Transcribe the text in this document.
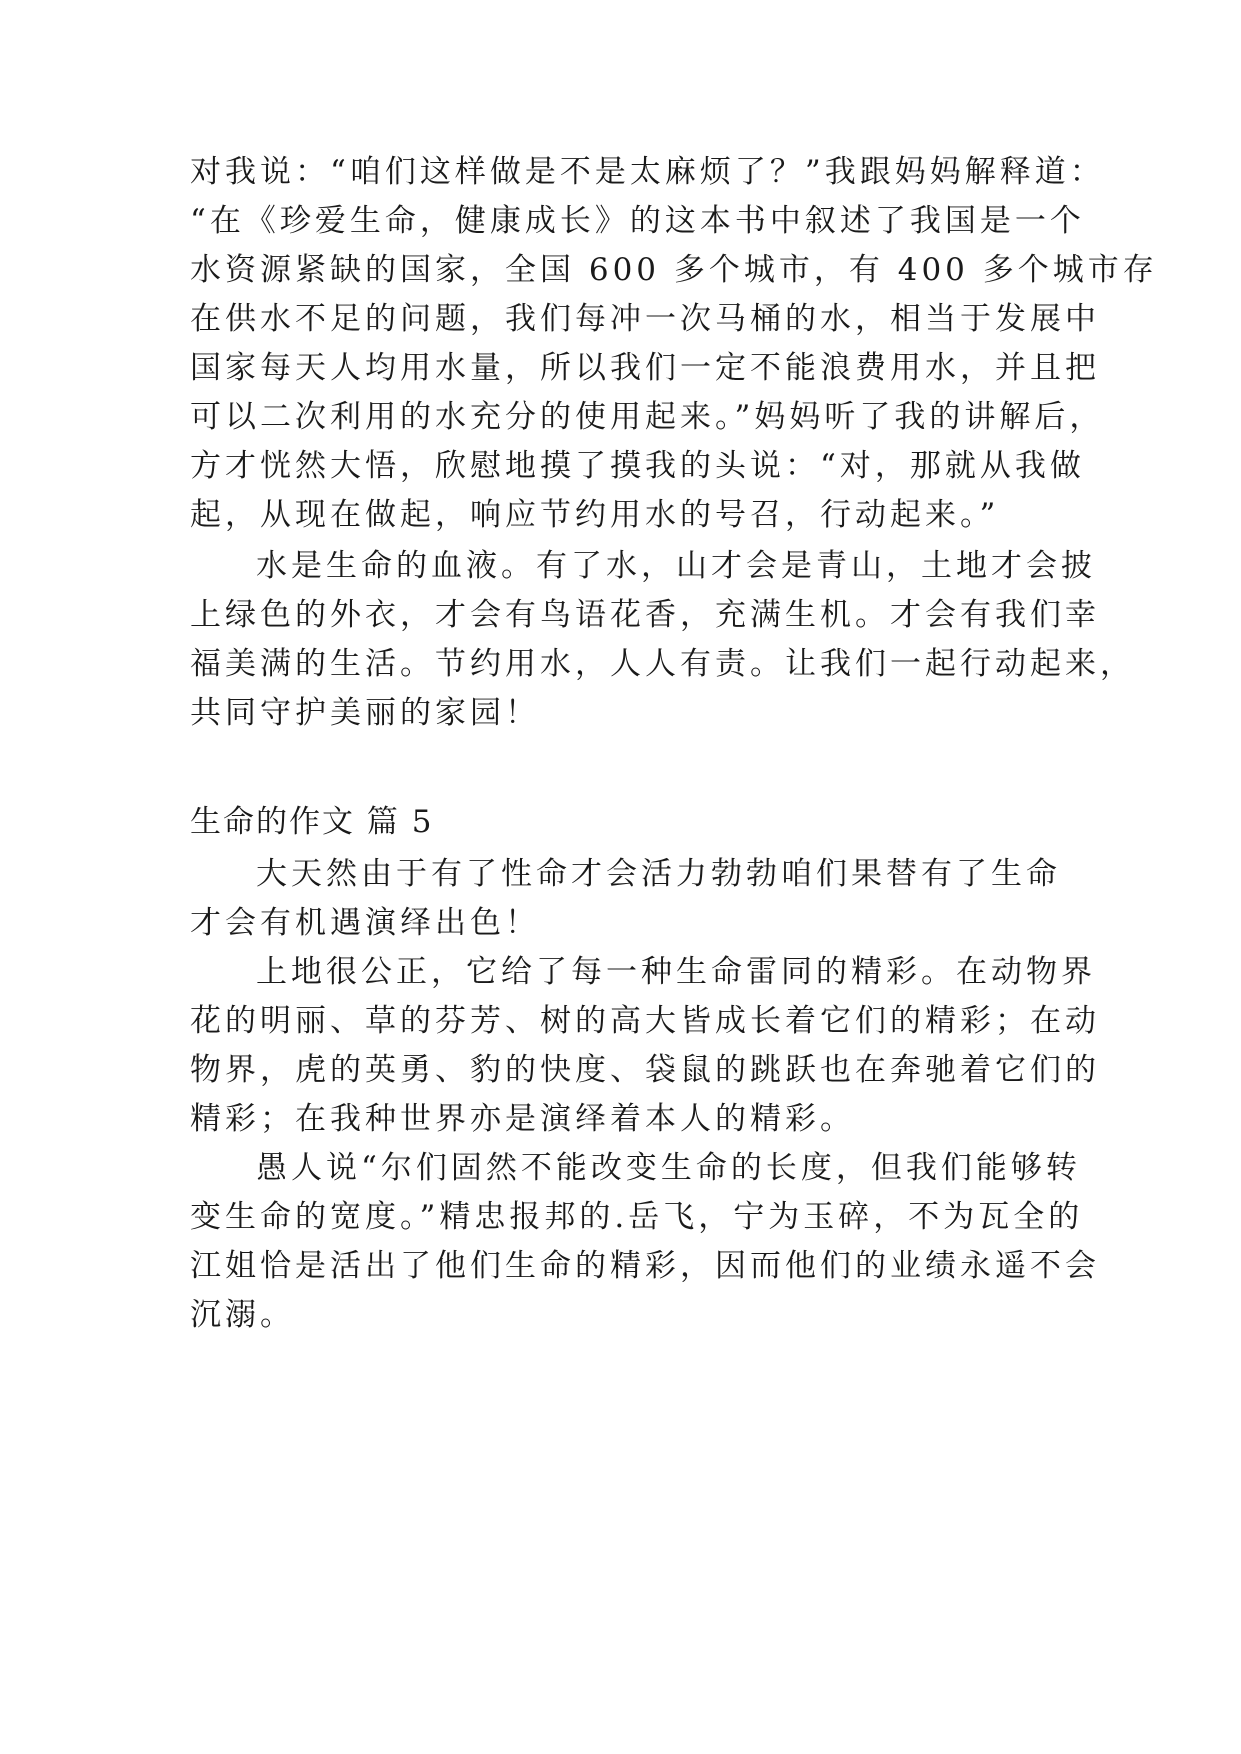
对我说：“咱们这样做是不是太麻烦了？”我跟妈妈解释道：
“在《珍爱生命，健康成长》的这本书中叙述了我国是一个
水资源紧缺的国家，全国 600 多个城市，有 400 多个城市存
在供水不足的问题，我们每冲一次马桶的水，相当于发展中
国家每天人均用水量，所以我们一定不能浪费用水，并且把
可以二次利用的水充分的使用起来。”妈妈听了我的讲解后，
方才恍然大悟，欣慰地摸了摸我的头说：“对，那就从我做
起，从现在做起，响应节约用水的号召，行动起来。”
水是生命的血液。有了水，山才会是青山，土地才会披
上绿色的外衣，才会有鸟语花香，充满生机。才会有我们幸
福美满的生活。节约用水，人人有责。让我们一起行动起来，
共同守护美丽的家园！
生命的作文 篇 5
大天然由于有了性命才会活力勃勃咱们果替有了生命
才会有机遇演绎出色！
上地很公正，它给了每一种生命雷同的精彩。在动物界
花的明丽、草的芬芳、树的高大皆成长着它们的精彩；在动
物界，虎的英勇、豹的快度、袋鼠的跳跃也在奔驰着它们的
精彩；在我种世界亦是演绎着本人的精彩。
愚人说“尔们固然不能改变生命的长度，但我们能够转
变生命的宽度。”精忠报邦的.岳飞，宁为玉碎，不为瓦全的
江姐恰是活出了他们生命的精彩，因而他们的业绩永遥不会
沉溺。
